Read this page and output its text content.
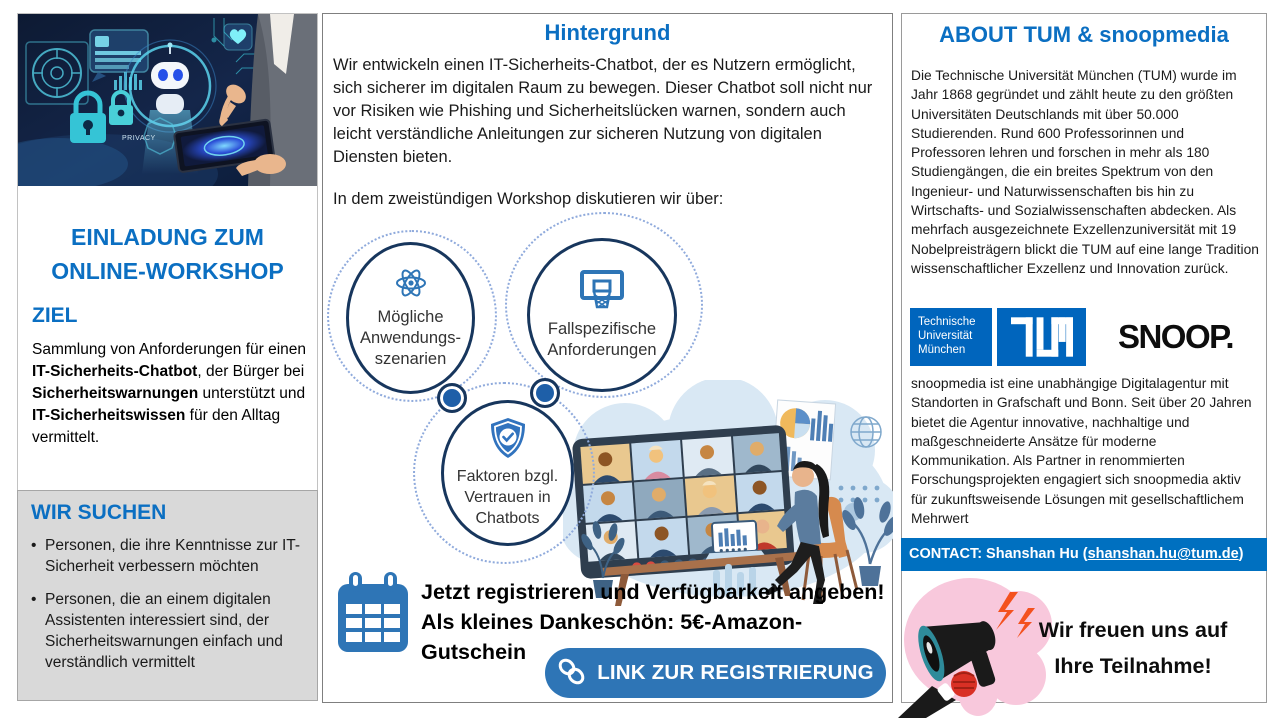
PRIVACY
EINLADUNG ZUM
ONLINE-WORKSHOP
ZIEL

Sammlung von Anforderungen für einen IT-Sicherheits-Chatbot, der Bürger bei Sicherheitswarnungen unterstützt und IT-Sicherheitswissen für den Alltag vermittelt.

WIR SUCHEN
• Personen, die ihre Kenntnisse zur IT-Sicherheit verbessern möchten
• Personen, die an einem digitalen Assistenten interessiert sind, der Sicherheitswarnungen einfach und verständlich vermittelt
Hintergrund

Wir entwickeln einen IT-Sicherheits-Chatbot, der es Nutzern ermöglicht, sich sicherer im digitalen Raum zu bewegen. Dieser Chatbot soll nicht nur vor Risiken wie Phishing und Sicherheitslücken warnen, sondern auch leicht verständliche Anleitungen zur sicheren Nutzung von digitalen Diensten bieten.

In dem zweistündigen Workshop diskutieren wir über:

Mögliche
Anwendungs-
szenarien
Fallspezifische
Anforderungen
Faktoren bzgl.
Vertrauen in
Chatbots
Jetzt registrieren und Verfügbarkeit angeben!
Als kleines Dankeschön: 5€-Amazon-Gutschein
LINK ZUR REGISTRIERUNG
ABOUT TUM & snoopmedia

Die Technische Universität München (TUM) wurde im Jahr 1868 gegründet und zählt heute zu den größten Universitäten Deutschlands mit über 50.000 Studierenden. Rund 600 Professorinnen und Professoren lehren und forschen in mehr als 180 Studiengängen, die ein breites Spektrum von den Ingenieur- und Naturwissenschaften bis hin zu Wirtschafts- und Sozialwissenschaften abdecken. Als mehrfach ausgezeichnete Exzellenzuniversität mit 19 Nobelpreisträgern blickt die TUM auf eine lange Tradition wissenschaftlicher Exzellenz und Innovation zurück.

Technische
Universität
München	SNOOP.

snoopmedia ist eine unabhängige Digitalagentur mit Standorten in Grafschaft und Bonn. Seit über 20 Jahren bietet die Agentur innovative, nachhaltige und maßgeschneiderte Ansätze für moderne Kommunikation. Als Partner in renommierten Forschungsprojekten engagiert sich snoopmedia aktiv für zukunftsweisende Lösungen mit gesellschaftlichem Mehrwert

CONTACT: Shanshan Hu (shanshan.hu@tum.de)
Wir freuen uns auf
Ihre Teilnahme!
